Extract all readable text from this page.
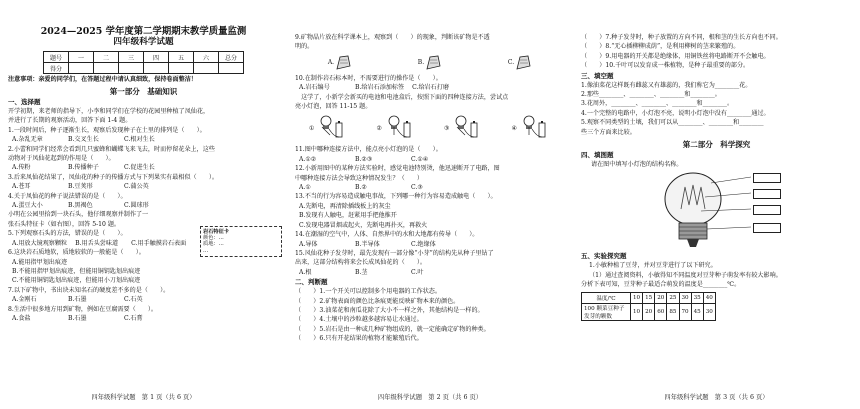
2024—2025 学年度第二学期期末教学质量监测
四年级科学试题
题号	一	二	三	四	五	六	总分
得分							
注意事项：亲爱的同学们，在答题过程中请认真细致，保持卷面整洁！
第一部分　基础知识
一、选择题
开学初期，来老师的指导下，小李和同学们在学校的花园里种植了凤仙花，
并进行了长期的观察活动，回答下面 1-4 题。
1.一段时间后，种子逐渐生长，观察后发现种子在土里的排列是（　　）。
A.杂乱无章	B.交叉生长	C.根对生长
2.小蕾和同学们经常会看到几只蜜蜂和蝴蝶飞来飞去，时而停留花朵上，这些
动物对于凤仙花起到的作用是（　　）。
A.传粉	B.传播种子	C.促进生长
3.后来凤仙花结果了，凤仙花的种子的传播方式与下列果实有最相似（　　）。
A.苍耳	B.豆荚形	C.蒲公英
4.关于凤仙花的种子说法错误的是（　　）。
A.蛋豆大小	B.黑褐色	C.圆球形
小明在公园里拾到一块石头，他仔细观察并制作了一
张石头特征卡（如右图），回答 5-10 题。
5.下列观察石头的方法，错误的是（　　）。
A.用放大镜观察颗粒 B.用舌头尝味道 C.用手触摸岩石表面
6.这块岩石质地软，质地较软的一般能是（　　）。
A.能用指甲划出痕迹
B.不能用指甲划出痕迹，但能用铜钥匙划出痕迹
C.不能用铜钥匙划出痕迹，但能用小刀划出痕迹
7.以下矿物中，书出块未知名石的硬度差不多的是（　　）。
A.金刚石	B.石墨	C.石英
8.生活中很多地方用到矿物，例如在豆腐需要（　　）。
A.食盐	B.石墨	C.石膏
岩石特征卡
颜色：…
质地：…
…
四年级科学试题　第 1 页（共 6 页）
9.矿物晶片放在科学课本上，观察到（　　）的现象，判断该矿物是不透
明的。
A.	B.	C.
10.在制作岩石标本时，不需要进行的操作是（　　）。
A.岩石编号	B.给岩石添加标签 C.给岩石打磨
　这学了，小新学会新买的电池和电池盒后，按照下面的四种连接方法，尝试点
亮小灯泡，回答 11-15 题。
①	②	③	④
11.图中哪种连接方法中，能点亮小灯泡的是（　　）。
A.①②	B.②③	C.①④
12.小新用图中的某种方法实验时，感觉电池特别烫，他迅速断开了电路，图
中哪种连接方法会导致这种情况发生？（　　）
A.①	B.②	C.③
13.不当的行为容易造成触电事故，下列哪一种行为容易造成触电（　　）。
A.先断电，再清除插线板上的灰尘
B.发现有人触电，赶紧用手把他推开
C.发现电器冒烟或起火，先断电再扑灭，再救火
14.在潮湿的空气中，人体、自然界中的水和大地都有传导（　　）。
A.导体	B.半导体	C.绝缘体
15.风仙花种子发芽时，最先发现有一部分像“小芽”的结构先从种子里钻了
出来，这部分结构将来会长成凤仙花的（　　）。
A.根	B.茎	C.叶
二、判断题
（　　）1.一个开关可以控制多个用电器的工作状态。
（　　）2.矿物表面的颜色比条痕更能反映矿物本来的颜色。
（　　）3.油菜花和南瓜花除了大小不一样之外，其他结构是一样的。
（　　）4.土壤中的沙粒越多越容易让水通过。
（　　）5.岩石是由一种或几种矿物组成的，就一定能确定矿物的种类。
（　　）6.只有开花结果的植物才能繁殖后代。
四年级科学试题　第 2 页（共 6 页）
（　　）7.种子发芽时，种子放置的方向不同，根和茎的生长方向也不同。
（　　）8.“无心插柳柳成荫”，是利用柳树的茎来繁殖的。
（　　）9.用电器的开关都是绝缘体，用铜铁丝将电路断开不会触电。
（　　）10.千叶可以发育成一株植物，是种子最重要的部分。
三、填空题
1.像油菜花这样既有雌蕊又有雄蕊的，我们称它为________花。
2.那些________、________、________和________。
3.花周外，________、________、________和________。
4.一个完整的电路中，小灯泡不亮，说明小灯泡中没有________通过。
5.观察不同类型的土壤，我们可以从________、________和________
些三个方面来比较。
第二部分　科学探究
四、填图题
请在图中填写小灯泡的结构名称。
五、实验探究题
1.小敏种植了豆芽，并对豆芽进行了以下研究。
（1）通过查阅资料，小敏得知不同温度对豆芽种子萌发率有较大影响。
分析下表可知，豆芽种子最适合萌发的温度是________℃。
温度/℃	10	15	20	25	30	35	40
100 颗菜豆种子发芽的颗数	10	20	60	85	70	45	30
四年级科学试题　第 3 页（共 6 页）
